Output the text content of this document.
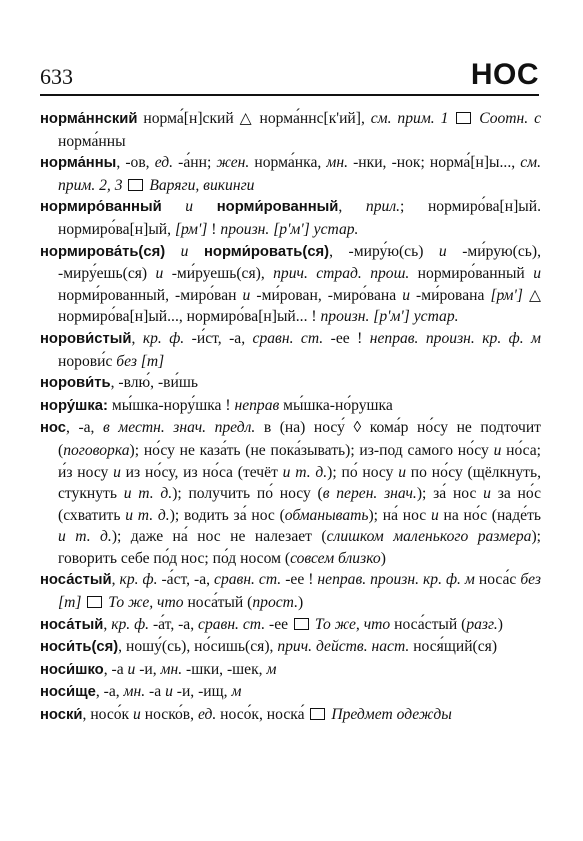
633	НОС

норма́ннский норма́[н]ский △ норма́ннс[к'ий], см. прим. 1 Соотн. с норма́нны

норма́нны, -ов, ед. -а́нн; жен. норма́нка, мн. -нки, -нок; норма́[н]ы..., см. прим. 2, 3 Варяги, викинги

нормиро́ванный и норми́рованный, прил.; нормиро́ва[н]ый. нормиро́ва[н]ый, [рм'] ! произн. [р'м'] устар.

нормирова́ть(ся) и норми́ровать(ся), -миру́ю(сь) и -ми́рую(сь), -миру́ешь(ся) и -ми́руешь(ся), прич. страд. прош. нормиро́ванный и норми́рованный, -миро́ван и -ми́рован, -миро́вана и -ми́рована [рм'] △ нормиро́ва[н]ый..., нормиро́ва[н]ый... ! произн. [р'м'] устар.

норови́стый, кр. ф. -и́ст, -а, сравн. ст. -ее ! неправ. произн. кр. ф. м норови́с без [т]

норови́ть, -влю́, -ви́шь

нору́шка: мы́шка-нору́шка ! неправ мы́шка-но́рушка

нос, -а, в местн. знач. предл. в (на) носу́ ◊ кома́р но́су не подточит (поговорка); но́су не каза́ть (не пока́зывать); из-под самого но́су и но́са; и́з носу и из но́су, из но́са (течёт и т. д.); по́ носу и по но́су (щёлкнуть, стукнуть и т. д.); получить по́ носу (в перен. знач.); за́ нос и за но́с (схватить и т. д.); водить за́ нос (обманывать); на́ нос и на но́с (наде́ть и т. д.); даже на́ нос не налезает (слишком маленького размера); говорить себе по́д нос; по́д носом (совсем близко)

носа́стый, кр. ф. -а́ст, -а, сравн. ст. -ее ! неправ. произн. кр. ф. м носа́с без [т] То же, что носа́тый (прост.)

носа́тый, кр. ф. -а́т, -а, сравн. ст. -ее  То же, что носа́стый (разг.)

носи́ть(ся), ношу́(сь), но́сишь(ся), прич. действ. наст. нося́щий(ся)

носи́шко, -а и -и, мн. -шки, -шек, м

носи́ще, -а, мн. -а и -и, -ищ, м

носки́, носо́к и носко́в, ед. носо́к, носка́  Предмет одежды
